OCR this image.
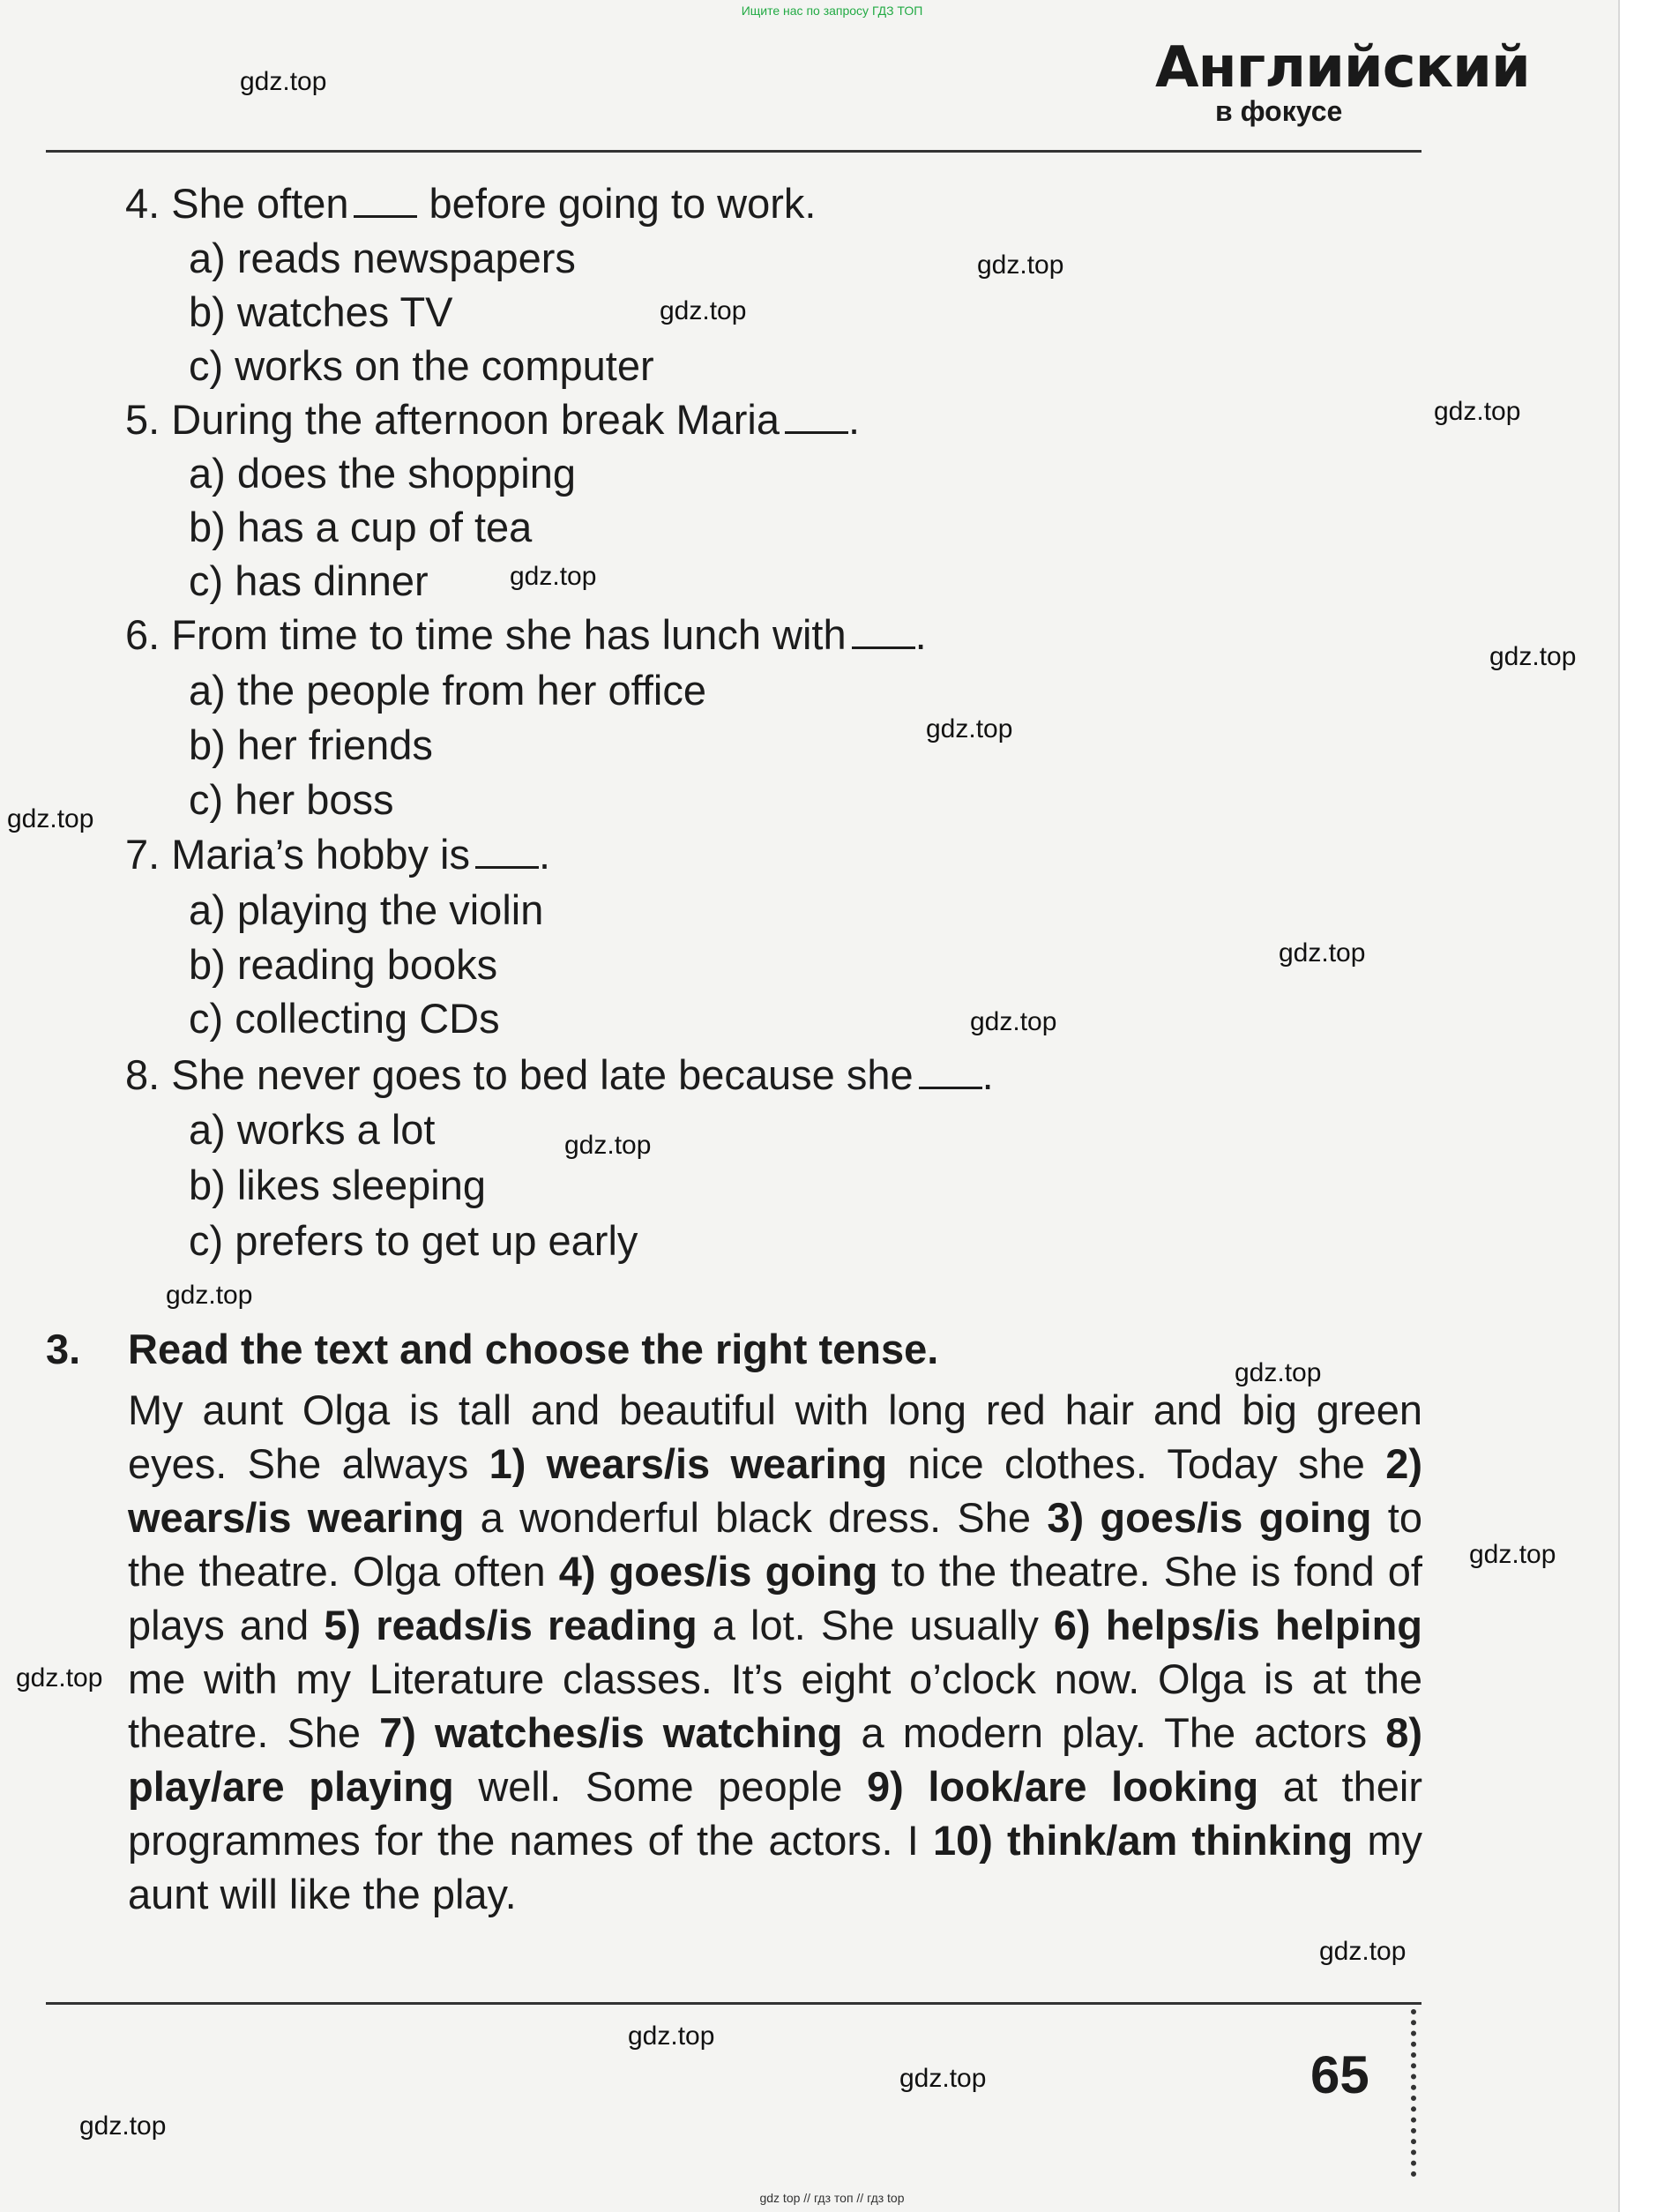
Ищите нас по запросу ГДЗ ТОП
Английский
в фокусе
4. She often before going to work.
a) reads newspapers
b) watches TV
c) works on the computer
5. During the afternoon break Maria .
a) does the shopping
b) has a cup of tea
c) has dinner
6. From time to time she has lunch with .
a) the people from her office
b) her friends
c) her boss
7. Maria’s hobby is .
a) playing the violin
b) reading books
c) collecting CDs
8. She never goes to bed late because she .
a) works a lot
b) likes sleeping
c) prefers to get up early
3. Read the text and choose the right tense.
My aunt Olga is tall and beautiful with long red hair and big green eyes. She always 1) wears/is wearing nice clothes. Today she 2) wears/is wearing a wonderful black dress. She 3) goes/is going to the theatre. Olga often 4) goes/is going to the theatre. She is fond of plays and 5) reads/is reading a lot. She usually 6) helps/is helping me with my Literature classes. It’s eight o’clock now. Olga is at the theatre. She 7) watches/is watching a modern play. The actors 8) play/are playing well. Some people 9) look/are looking at their programmes for the names of the actors. I 10) think/am thinking my aunt will like the play.
65
gdz.top
gdz.top
gdz.top
gdz.top
gdz.top
gdz.top
gdz.top
gdz.top
gdz.top
gdz.top
gdz.top
gdz.top
gdz.top
gdz.top
gdz.top
gdz.top
gdz.top
gdz.top
gdz.top
gdz top // гдз топ // гдз top
